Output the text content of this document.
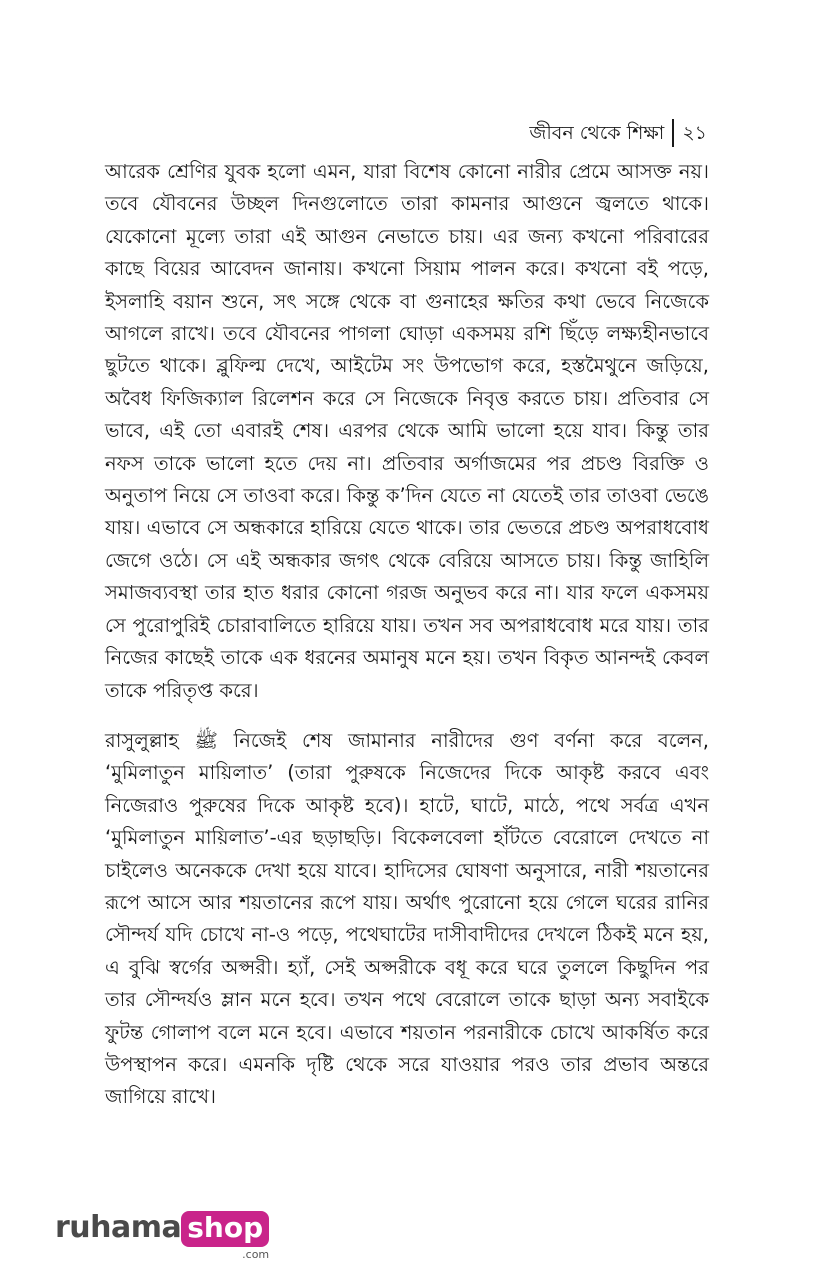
জীবন থেকে শিক্ষা ২১

আরেক শ্রেণির যুবক হলো এমন, যারা বিশেষ কোনো নারীর প্রেমে আসক্ত নয়। তবে যৌবনের উচ্ছল দিনগুলোতে তারা কামনার আগুনে জ্বলতে থাকে। যেকোনো মূল্যে তারা এই আগুন নেভাতে চায়। এর জন্য কখনো পরিবারের কাছে বিয়ের আবেদন জানায়। কখনো সিয়াম পালন করে। কখনো বই পড়ে, ইসলাহি বয়ান শুনে, সৎ সঙ্গে থেকে বা গুনাহের ক্ষতির কথা ভেবে নিজেকে আগলে রাখে। তবে যৌবনের পাগলা ঘোড়া একসময় রশি ছিঁড়ে লক্ষ্যহীনভাবে ছুটতে থাকে। ব্লুফিল্ম দেখে, আইটেম সং উপভোগ করে, হস্তমৈথুনে জড়িয়ে, অবৈধ ফিজিক্যাল রিলেশন করে সে নিজেকে নিবৃত্ত করতে চায়। প্রতিবার সে ভাবে, এই তো এবারই শেষ। এরপর থেকে আমি ভালো হয়ে যাব। কিন্তু তার নফস তাকে ভালো হতে দেয় না। প্রতিবার অর্গাজমের পর প্রচণ্ড বিরক্তি ও অনুতাপ নিয়ে সে তাওবা করে। কিন্তু ক’দিন যেতে না যেতেই তার তাওবা ভেঙে যায়। এভাবে সে অন্ধকারে হারিয়ে যেতে থাকে। তার ভেতরে প্রচণ্ড অপরাধবোধ জেগে ওঠে। সে এই অন্ধকার জগৎ থেকে বেরিয়ে আসতে চায়। কিন্তু জাহিলি সমাজব্যবস্থা তার হাত ধরার কোনো গরজ অনুভব করে না। যার ফলে একসময় সে পুরোপুরিই চোরাবালিতে হারিয়ে যায়। তখন সব অপরাধবোধ মরে যায়। তার নিজের কাছেই তাকে এক ধরনের অমানুষ মনে হয়। তখন বিকৃত আনন্দই কেবল তাকে পরিতৃপ্ত করে।

রাসুলুল্লাহ ﷺ নিজেই শেষ জামানার নারীদের গুণ বর্ণনা করে বলেন, ‘মুমিলাতুন মায়িলাত’ (তারা পুরুষকে নিজেদের দিকে আকৃষ্ট করবে এবং নিজেরাও পুরুষের দিকে আকৃষ্ট হবে)। হাটে, ঘাটে, মাঠে, পথে সর্বত্র এখন ‘মুমিলাতুন মায়িলাত’-এর ছড়াছড়ি। বিকেলবেলা হাঁটতে বেরোলে দেখতে না চাইলেও অনেককে দেখা হয়ে যাবে। হাদিসের ঘোষণা অনুসারে, নারী শয়তানের রূপে আসে আর শয়তানের রূপে যায়। অর্থাৎ পুরোনো হয়ে গেলে ঘরের রানির সৌন্দর্য যদি চোখে না-ও পড়ে, পথেঘাটের দাসীবাদীদের দেখলে ঠিকই মনে হয়, এ বুঝি স্বর্গের অপ্সরী। হ্যাঁ, সেই অপ্সরীকে বধূ করে ঘরে তুললে কিছুদিন পর তার সৌন্দর্যও ম্লান মনে হবে। তখন পথে বেরোলে তাকে ছাড়া অন্য সবাইকে ফুটন্ত গোলাপ বলে মনে হবে। এভাবে শয়তান পরনারীকে চোখে আকর্ষিত করে উপস্থাপন করে। এমনকি দৃষ্টি থেকে সরে যাওয়ার পরও তার প্রভাব অন্তরে জাগিয়ে রাখে।

ruhama shop
.com
